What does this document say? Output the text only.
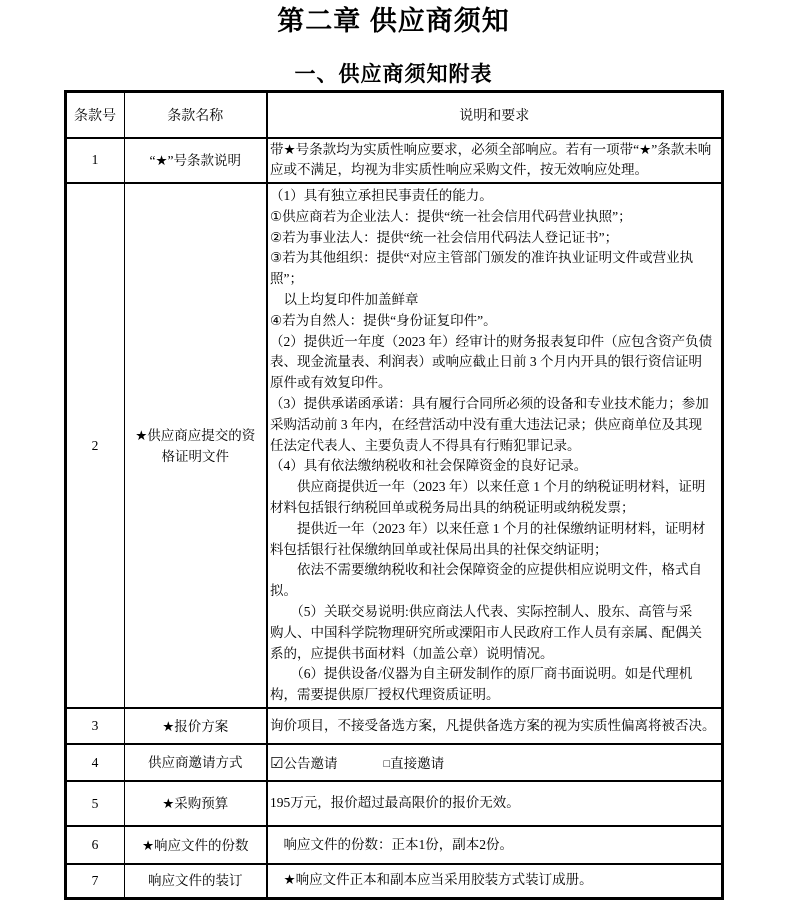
第二章 供应商须知
一、供应商须知附表
条款号	条款名称	说明和要求
1	“★”号条款说明	带★号条款均为实质性响应要求，必须全部响应。若有一项带“★”条款未响
应或不满足，均视为非实质性响应采购文件，按无效响应处理。

2	★供应商应提交的资格证明文件	
（1）具有独立承担民事责任的能力。
①供应商若为企业法人：提供“统一社会信用代码营业执照”；
②若为事业法人：提供“统一社会信用代码法人登记证书”；
③若为其他组织：提供“对应主管部门颁发的准许执业证明文件或营业执
照”；
　以上均复印件加盖鲜章
④若为自然人：提供“身份证复印件”。
（2）提供近一年度（2023 年）经审计的财务报表复印件（应包含资产负债
表、现金流量表、利润表）或响应截止日前 3 个月内开具的银行资信证明
原件或有效复印件。
（3）提供承诺函承诺：具有履行合同所必须的设备和专业技术能力；参加
采购活动前 3 年内，在经营活动中没有重大违法记录；供应商单位及其现
任法定代表人、主要负责人不得具有行贿犯罪记录。
（4）具有依法缴纳税收和社会保障资金的良好记录。
　　供应商提供近一年（2023 年）以来任意 1 个月的纳税证明材料，证明
材料包括银行纳税回单或税务局出具的纳税证明或纳税发票；
　　提供近一年（2023 年）以来任意 1 个月的社保缴纳证明材料，证明材
料包括银行社保缴纳回单或社保局出具的社保交纳证明；
　　依法不需要缴纳税收和社会保障资金的应提供相应说明文件，格式自
拟。
　　（5）关联交易说明:供应商法人代表、实际控制人、股东、高管与采
购人、中国科学院物理研究所或溧阳市人民政府工作人员有亲属、配偶关
系的，应提供书面材料（加盖公章）说明情况。
　　（6）提供设备/仪器为自主研发制作的原厂商书面说明。如是代理机
构，需要提供原厂授权代理资质证明。

3	★报价方案	询价项目，不接受备选方案，凡提供备选方案的视为实质性偏离将被否决。

4	供应商邀请方式	☑公告邀请 □直接邀请
5	★采购预算	195万元，报价超过最高限价的报价无效。

6	★响应文件的份数	　响应文件的份数：正本1份，副本2份。

7	响应文件的装订	　★响应文件正本和副本应当采用胶装方式装订成册。
